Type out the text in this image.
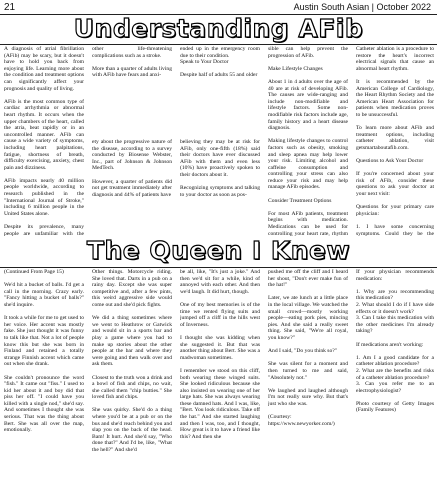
21	Austin South Asian | October 2022
Understanding AFib

A diagnosis of atrial fibrillation (AFib) may be scary, but it doesn't have to hold you back from enjoying life. Learning more about the condition and treatment options can significantly affect your prognosis and quality of living.

AFib is the most common type of cardiac arrhythmia or abnormal heart rhythm. It occurs when the upper chambers of the heart, called the atria, beat rapidly or in an uncontrolled manner. AFib can cause a wide variety of symptoms, including heart palpitations, fatigue, shortness of breath, difficulty exercising, anxiety, chest pain and dizziness.

AFib impacts nearly 40 million people worldwide, according to research published in the "International Journal of Stroke," including 6 million people in the United States alone.

Despite its prevalence, many people are unfamiliar with the

other life-threatening complications such as a stroke.

More than a quarter of adults living with AFib have fears and anxi-

ety about the progressive nature of the disease, according to a survey conducted by Biosense Webster, Inc., part of Johnson & Johnson MedTech.

However, a quarter of patients did not get treatment immediately after diagnosis and 44% of patients have

ended up in the emergency room due to their condition.

Speak to Your Doctor

Despite half of adults 55 and older

believing they may be at risk for AFib, only one-fifth (18%) said their doctors have ever discussed AFib with them and even less (10%) have proactively spoken to their doctors about it.

Recognizing symptoms and talking to your doctor as soon as pos-

sible can help prevent the progression of AFib.

Make Lifestyle Changes

About 1 in 4 adults over the age of 40 are at risk of developing AFib. The causes are wide-ranging and include non-modifiable and lifestyle factors. Some non-modifiable risk factors include age, family history and a heart disease diagnosis.

Making lifestyle changes to control factors such as obesity, smoking and sleep apnea may help lower your risk. Limiting alcohol and caffeine consumption and controlling your stress can also reduce your risk and may help manage AFib episodes.

Consider Treatment Options

For most AFib patients, treatment begins with medication. Medications can be used for controlling your heart rate, rhythm

Catheter ablation is a procedure to restore the heart's incorrect electrical signals that cause an abnormal heart rhythm.

It is recommended by the American College of Cardiology, the Heart Rhythm Society and the American Heart Association for patients when medication proves to be unsuccessful.

To learn more about AFib and treatment options, including catheter ablation, visit getsmartaboutafib.com.

Questions to Ask Your Doctor

If you're concerned about your risk of AFib, consider these questions to ask your doctor at your next visit:

Questions for your primary care physician:

1. I have some concerning symptoms. Could they be the

The Queen I Knew

(Continued From Page 15)

We'd hit a bucket of balls. I'd get a call in the morning. Crazy early. "Fancy hitting a bucket of balls?" she'd inquire.

It took a while for me to get used to her voice. Her accent was mostly fake. She just thought it was funny to talk like that. Not a lot of people know this but she was born in Finland and retained a totally strange Finnish accent which came out when she drank.

She couldn't pronounce the word "fish." It came out "fiss." I used to kid her about it and boy did that piss her off. "I could have you killed with a single nod," she'd say. And sometimes I thought she was serious. That was the thing about Bert. She was all over the map, emotionally.

Other things. Motorcycle riding. She loved that. Darts in a pub on a rainy day. Except she was super competitive and, after a few pints, this weird aggressive side would come out and she'd pick fights.

We did a thing sometimes where we went to Heathrow or Gatwick and would sit in a sports bar and play a game where you had to make up stories about the other people at the bar and where they were going and then walk over and ask them.

Closest to the truth won a drink and a bowl of fish and chips, no wait, she called them "chip butties." She loved fish and chips.

She was quirky. She'd do a thing where you'd be at a pub or on the bus and she'd reach behind you and slap you on the back of the head. Bam! It hurt. And she'd say, "Who done that?" And I'd be, like, "What the hell?" And she'd

be all, like, "It's just a joke." And then we'd sit for a while, kind of annoyed with each other. And then we'd laugh. It did hurt, though.

One of my best memories is of the time we rented flying suits and jumped off a cliff in the hills west of Inverness.

I thought she was kidding when she suggested it. But that was another thing about Bert. She was a madwoman sometimes.

I remember we stood on this cliff, both wearing these winged suits. She looked ridiculous because she also insisted on wearing one of her large hats. She was always wearing these damned hats. And I was, like, "Bert. You look ridiculous. Take off the hat." And she started laughing and then I was, too, and I thought, How great is it to have a friend like this? And then she

pushed me off the cliff and I heard her shout, "Don't ever make fun of the hat!"

Later, we ate lunch at a little place in the local village. We watched the small crowd—mostly working people—eating pork pies, mincing pies. And she said a really sweet thing. She said, "We're all royal, you know?"

And I said, "Do you think so?"

She was silent for a moment and then turned to me and said, "Absolutely not."

We laughed and laughed although I'm not really sure why. But that's just who she was.

(Courtesy: https://www.newyorker.com/)

If your physician recommends medication:

1. Why are you recommending this medication?

2. What should I do if I have side effects or it doesn't work?

3. Can I take this medication with the other medicines I'm already taking?

If medications aren't working:

1. Am I a good candidate for a catheter ablation procedure?

2. What are the benefits and risks of a catheter ablation procedure?

3. Can you refer me to an electrophysiologist?

Photo courtesy of Getty Images (Family Features)
